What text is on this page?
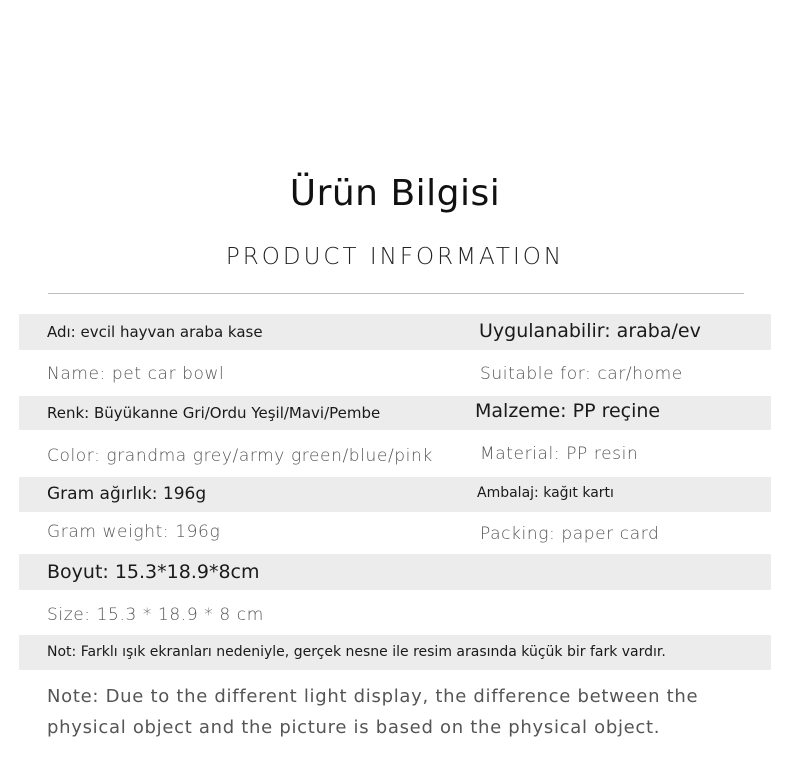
Ürün Bilgisi
PRODUCT INFORMATION
Adı: evcil hayvan araba kase	Uygulanabilir: araba/ev
Name: pet car bowl	Suitable for: car/home
Renk: Büyükanne Gri/Ordu Yeşil/Mavi/Pembe	Malzeme: PP reçine
Color: grandma grey/army green/blue/pink	Material: PP resin
Gram ağırlık: 196g	Ambalaj: kağıt kartı
Gram weight: 196g	Packing: paper card
Boyut: 15.3*18.9*8cm
Size: 15.3 * 18.9 * 8 cm
Not: Farklı ışık ekranları nedeniyle, gerçek nesne ile resim arasında küçük bir fark vardır.
Note: Due to the different light display, the difference between the physical object and the picture is based on the physical object.
